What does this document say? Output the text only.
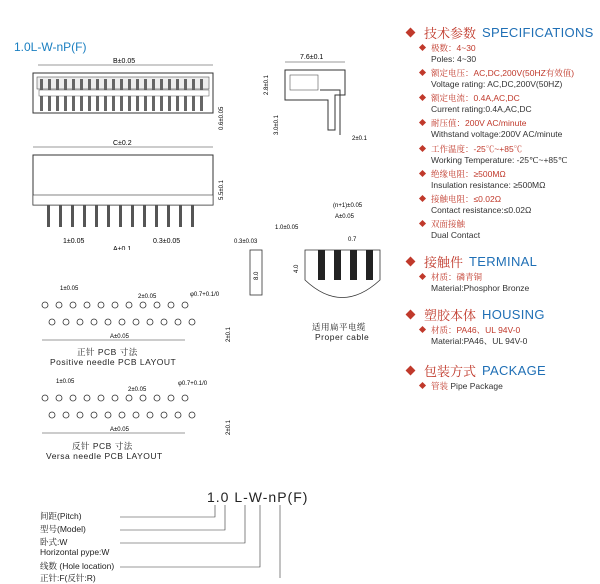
1.0L-W-nP(F)
B±0.05
C±0.2
0.6±0.05
5.5±0.1
1±0.05	0.3±0.05
A±0.1
7.6±0.1
2.8±0.1
3.0±0.1
2±0.1
(n+1)±0.05
A±0.05
1.0±0.05
0.7
0.3±0.03
8.0
4.0
适用扁平电缆
Proper cable
1±0.05
2±0.05	φ0.7+0.1/0
A±0.05	2±0.1
正针 PCB 寸法
Positive needle PCB LAYOUT
1±0.05
2±0.05
φ0.7+0.1/0
A±0.05	2±0.1
反针 PCB 寸法
Versa needle PCB LAYOUT
技术参数 SPECIFICATIONS
极数：4~30
Poles: 4~30
额定电压：AC,DC,200V(50HZ有效值)
Voltage rating: AC,DC,200V(50HZ)
额定电流：0.4A,AC,DC
Current rating:0.4A,AC,DC
耐压值：200V AC/minute
Withstand voltage:200V AC/minute
工作温度：-25℃~+85℃
Working Temperature: -25℃~+85℃
绝缘电阻：≥500MΩ
Insulation resistance: ≥500MΩ
接触电阻：≤0.02Ω
Contact resistance:≤0.02Ω
双面接触
Dual Contact
接触件 TERMINAL
材质：磷青铜
Material:Phosphor Bronze
塑胶本体 HOUSING
材质：PA46、UL 94V-0
Material:PA46、UL 94V-0
包装方式 PACKAGE
管装 Pipe Package
1.0 L-W-nP(F)
间距(Pitch)
型号(Model)
卧式:W
Horizontal pype:W
线数 (Hole location)
正针:F(反针:R)
